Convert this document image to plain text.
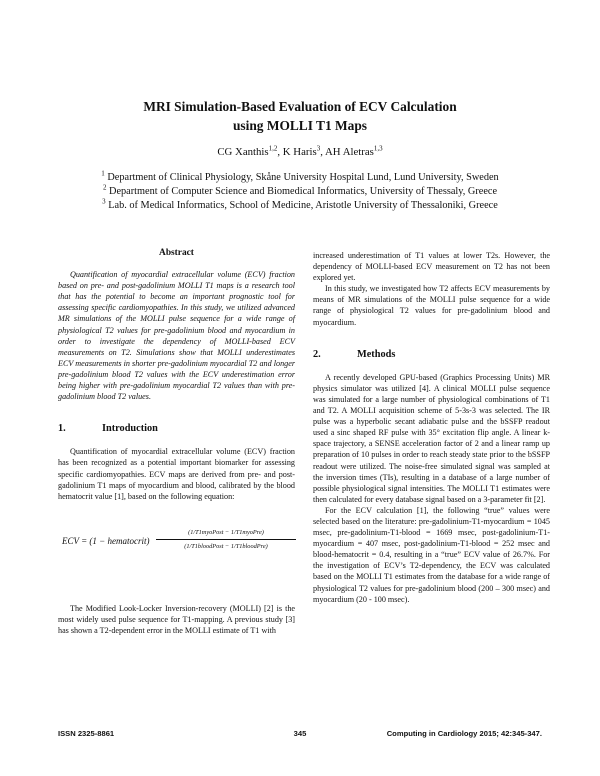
MRI Simulation-Based Evaluation of ECV Calculation
using MOLLI T1 Maps
CG Xanthis$^{1,2}$, K Haris$^3$, AH Aletras$^{1,3}$
$^1$ Department of Clinical Physiology, Skåne University Hospital Lund, Lund University, Sweden
$^2$ Department of Computer Science and Biomedical Informatics, University of Thessaly, Greece
$^3$ Lab. of Medical Informatics, School of Medicine, Aristotle University of Thessaloniki, Greece
Abstract

Quantification of myocardial extracellular volume (ECV) fraction based on pre- and post-gadolinium MOLLI T1 maps is a research tool that has the potential to become an important prognostic tool for assessing specific cardiomyopathies. In this study, we utilized advanced MR simulations of the MOLLI pulse sequence for a wide range of physiological T2 values for pre-gadolinium blood and myocardium in order to investigate the dependency of MOLLI-based ECV measurements on T2. Simulations show that MOLLI underestimates ECV measurements in shorter pre-gadolinium myocardial T2 and longer pre-gadolinium blood T2 values with the ECV underestimation error being higher with pre-gadolinium myocardial T2 values than with pre-gadolinium blood T2 values.

1.	Introduction

Quantification of myocardial extracellular volume (ECV) fraction has been recognized as a potential important biomarker for assessing specific cardiomyopathies. ECV maps are derived from pre- and post-gadolinium T1 maps of myocardium and blood, calibrated by the blood hematocrit value [1], based on the following equation:

ECV = (1 − hematocrit)
(1/T1myoPost − 1/T1myoPre)
(1/T1bloodPost − 1/T1bloodPre)

The Modified Look-Locker Inversion-recovery (MOLLI) [2] is the most widely used pulse sequence for T1-mapping. A previous study [3] has shown a T2-dependent error in the MOLLI estimate of T1 with

increased underestimation of T1 values at lower T2s. However, the dependency of MOLLI-based ECV measurement on T2 has not been explored yet.

In this study, we investigated how T2 affects ECV measurements by means of MR simulations of the MOLLI pulse sequence for a wide range of physiological T2 values for pre-gadolinium blood and myocardium.

2.	Methods

A recently developed GPU-based (Graphics Processing Units) MR physics simulator was utilized [4]. A clinical MOLLI pulse sequence was simulated for a large number of physiological combinations of T1 and T2. A MOLLI acquisition scheme of 5-3s-3 was selected. The IR pulse was a hyperbolic secant adiabatic pulse and the bSSFP readout used a sinc shaped RF pulse with 35° excitation flip angle. A linear k-space trajectory, a SENSE acceleration factor of 2 and a linear ramp up preparation of 10 pulses in order to reach steady state prior to the bSSFP readout were utilized. The noise-free simulated signal was sampled at the inversion times (TIs), resulting in a database of a large number of possible physiological signal intensities. The MOLLI T1 estimates were then calculated for every database signal based on a 3-parameter fit [2].

For the ECV calculation [1], the following “true” values were selected based on the literature: pre-gadolinium-T1-myocardium = 1045 msec, pre-gadolinium-T1-blood = 1669 msec, post-gadolinium-T1-myocardium = 407 msec, post-gadolinium-T1-blood = 252 msec and blood-hematocrit = 0.4, resulting in a “true” ECV value of 26.7%. For the investigation of ECV’s T2-dependency, the ECV was calculated based on the MOLLI T1 estimates from the database for a wide range of physiological T2 values for pre-gadolinium blood (200 – 300 msec) and myocardium (20 - 100 msec).

ISSN 2325-8861	345	Computing in Cardiology 2015; 42:345-347.
